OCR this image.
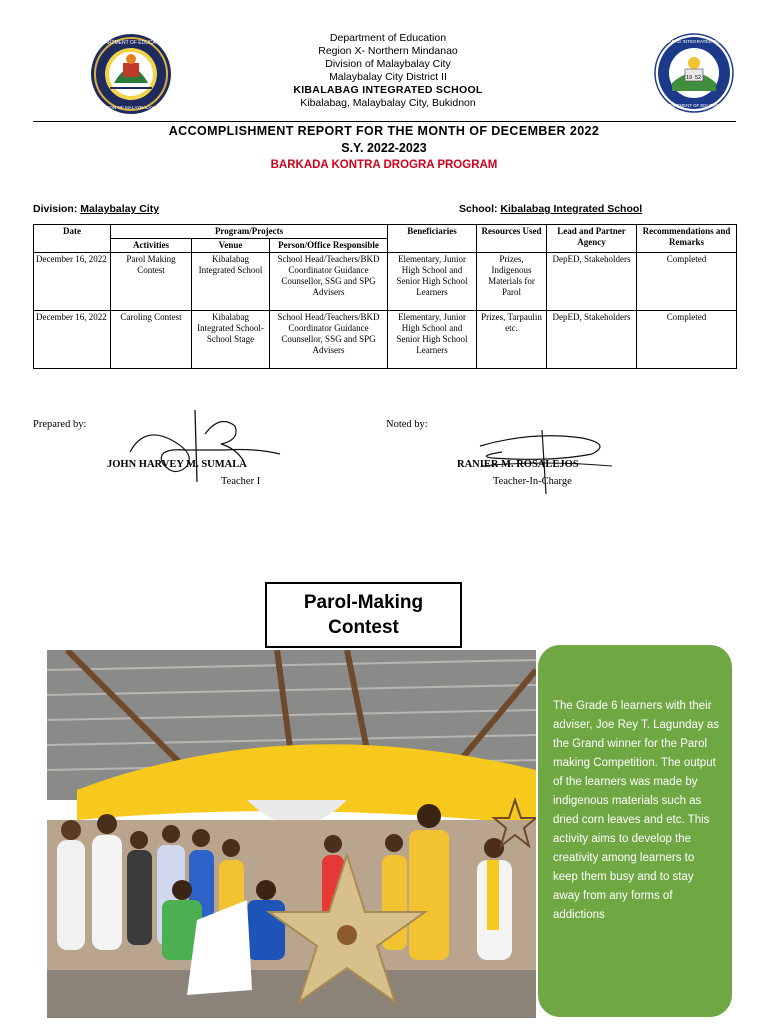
DEPARTMENT OF EDUCATION
DIVISION OF MALAYBALAY CITY
19 52
KIBALABAG INTEGRATED SCHOOL
DEPARTMENT OF EDUCATION
Department of Education
Region X- Northern Mindanao
Division of Malaybalay City
Malaybalay City District II
KIBALABAG INTEGRATED SCHOOL
Kibalabag, Malaybalay City, Bukidnon
ACCOMPLISHMENT REPORT FOR THE MONTH OF DECEMBER 2022
S.Y. 2022-2023
BARKADA KONTRA DROGRA PROGRAM
Division: Malaybalay City	School: Kibalabag Integrated School
Date	Program/Projects			Beneficiaries	Resources Used	Lead and Partner Agency	Recommendations and Remarks
	Activities	Venue	Person/Office Responsible				
December 16, 2022	Parol Making Contest	Kibalabag Integrated School	School Head/Teachers/BKD Coordinator Guidance Counsellor, SSG and SPG Advisers	Elementary, Junior High School and Senior High School Learners	Prizes, Indigenous Materials for Parol	DepED, Stakeholders	Completed
December 16, 2022	Caroling Contest	Kibalabag Integrated School-School Stage	School Head/Teachers/BKD Coordinator Guidance Counsellor, SSG and SPG Advisers	Elementary, Junior High School and Senior High School Learners	Prizes, Tarpaulin etc.	DepED, Stakeholders	Completed
Prepared by:
JOHN HARVEY M. SUMALA
Teacher I
Noted by:
RANIER M. ROSALEJOS
Teacher-In-Charge
Parol-Making
Contest
The Grade 6 learners with their adviser, Joe Rey T. Lagunday as the Grand winner for the Parol making Competition. The output of the learners was made by indigenous materials such as dried corn leaves and etc. This activity aims to develop the creativity among learners to keep them busy and to stay away from any forms of addictions
